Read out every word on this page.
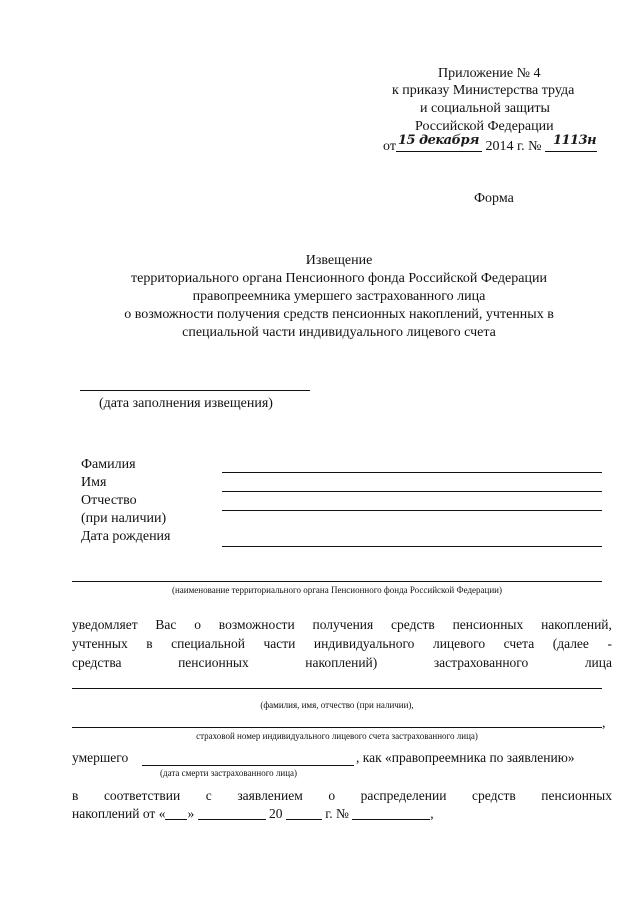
Приложение № 4
к приказу Министерства труда
и социальной защиты
Российской Федерации
от 15 декабря 2014 г. № 1113н
Форма
Извещение
территориального органа Пенсионного фонда Российской Федерации
правопреемника умершего застрахованного лица
о возможности получения средств пенсионных накоплений, учтенных в
специальной части индивидуального лицевого счета
(дата заполнения извещения)
Фамилия
Имя
Отчество
(при наличии)
Дата рождения
(наименование территориального органа Пенсионного фонда Российской Федерации)
уведомляет Вас о возможности получения средств пенсионных накоплений,
учтенных в специальной части индивидуального лицевого счета (далее -
средства	пенсионных	накоплений)	застрахованного	лица
(фамилия, имя, отчество (при наличии),
,
страховой номер индивидуального лицевого счета застрахованного лица)
умершего	, как «правопреемника по заявлению»
(дата смерти застрахованного лица)
в соответствии с заявлением о распределении средств пенсионных
накоплений от « »	20	г. №	,
